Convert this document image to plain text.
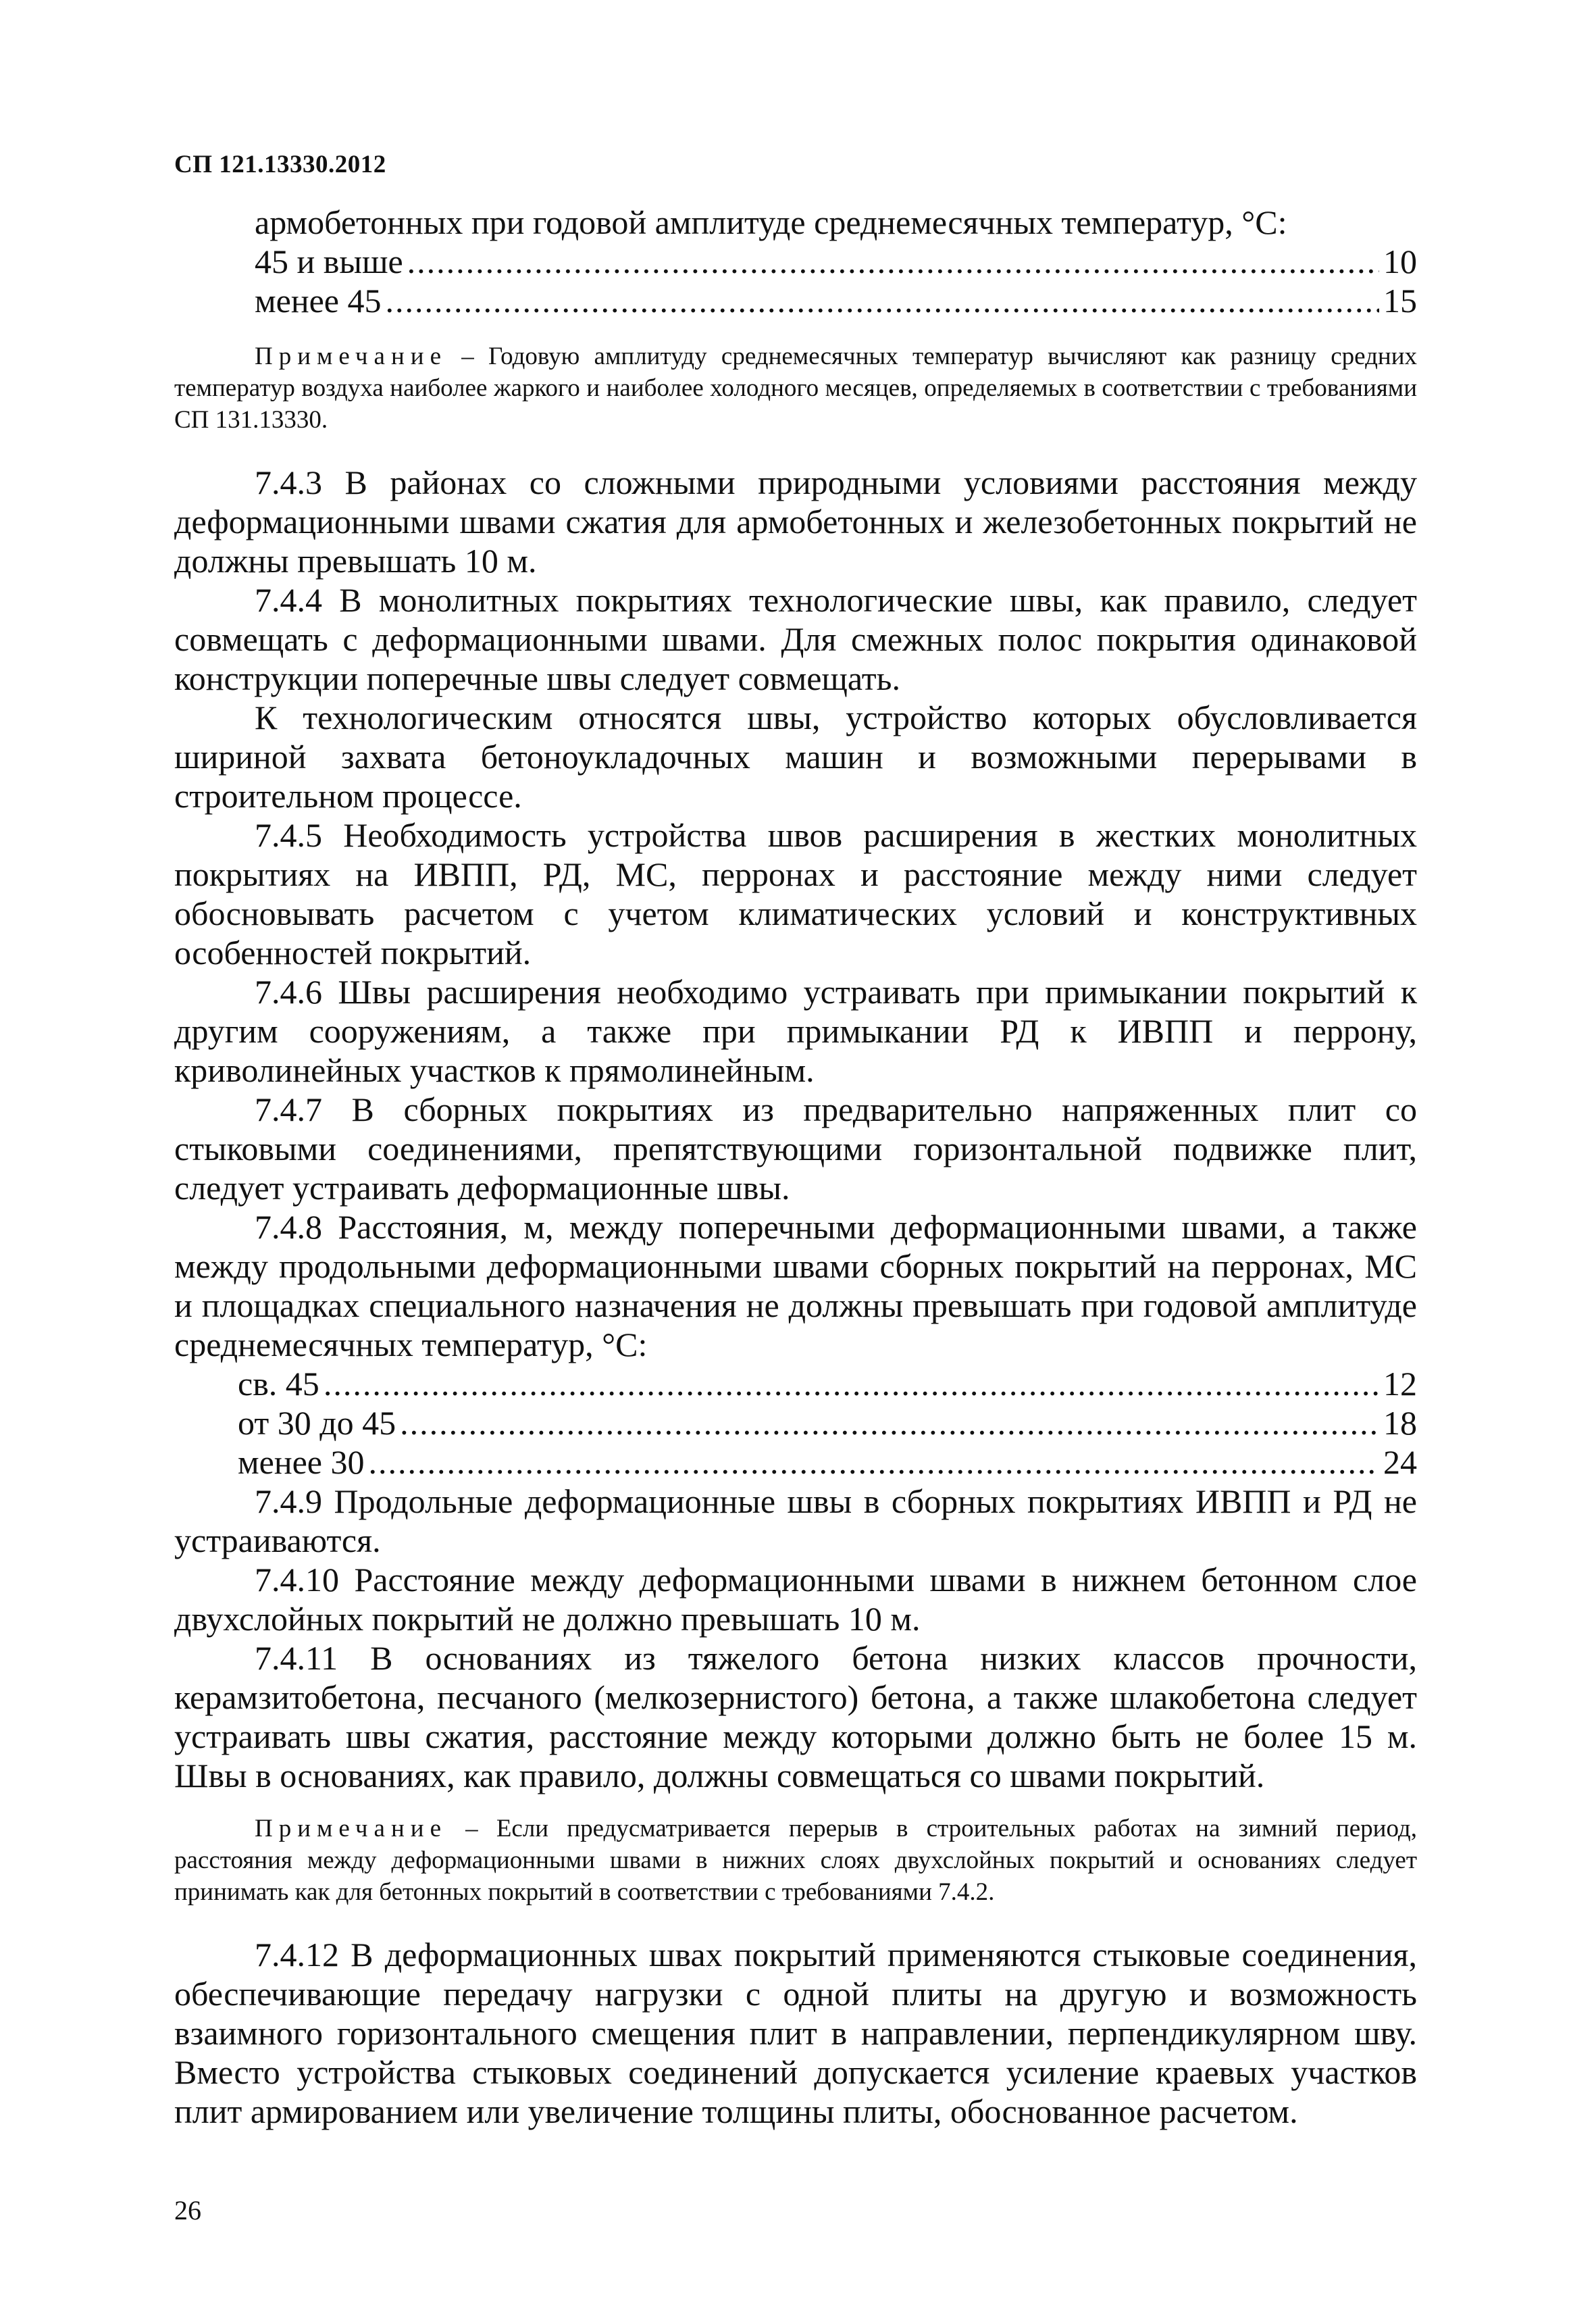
СП 121.13330.2012

армобетонных при годовой амплитуде среднемесячных температур, °C:

45 и выше .....	10
менее 45 .....	15

Примечание – Годовую амплитуду среднемесячных температур вычисляют как разницу средних температур воздуха наиболее жаркого и наиболее холодного месяцев, определяемых в соответствии с требованиями СП 131.13330.

7.4.3 В районах со сложными природными условиями расстояния между деформационными швами сжатия для армобетонных и железобетонных покрытий не должны превышать 10 м.

7.4.4 В монолитных покрытиях технологические швы, как правило, следует совмещать с деформационными швами. Для смежных полос покрытия одинаковой конструкции поперечные швы следует совмещать.

К технологическим относятся швы, устройство которых обусловливается шириной захвата бетоноукладочных машин и возможными перерывами в строительном процессе.

7.4.5 Необходимость устройства швов расширения в жестких монолитных покрытиях на ИВПП, РД, МС, перронах и расстояние между ними следует обосновывать расчетом с учетом климатических условий и конструктивных особенностей покрытий.

7.4.6 Швы расширения необходимо устраивать при примыкании покрытий к другим сооружениям, а также при примыкании РД к ИВПП и перрону, криволинейных участков к прямолинейным.

7.4.7 В сборных покрытиях из предварительно напряженных плит со стыковыми соединениями, препятствующими горизонтальной подвижке плит, следует устраивать деформационные швы.

7.4.8 Расстояния, м, между поперечными деформационными швами, а также между продольными деформационными швами сборных покрытий на перронах, МС и площадках специального назначения не должны превышать при годовой амплитуде среднемесячных температур, °C:

св. 45 .....	12
от 30 до 45 .....	18
менее 30 .....	24

7.4.9 Продольные деформационные швы в сборных покрытиях ИВПП и РД не устраиваются.

7.4.10 Расстояние между деформационными швами в нижнем бетонном слое двухслойных покрытий не должно превышать 10 м.

7.4.11 В основаниях из тяжелого бетона низких классов прочности, керамзитобетона, песчаного (мелкозернистого) бетона, а также шлакобетона следует устраивать швы сжатия, расстояние между которыми должно быть не более 15 м. Швы в основаниях, как правило, должны совмещаться со швами покрытий.

Примечание – Если предусматривается перерыв в строительных работах на зимний период, расстояния между деформационными швами в нижних слоях двухслойных покрытий и основаниях следует принимать как для бетонных покрытий в соответствии с требованиями 7.4.2.

7.4.12 В деформационных швах покрытий применяются стыковые соединения, обеспечивающие передачу нагрузки с одной плиты на другую и возможность взаимного горизонтального смещения плит в направлении, перпендикулярном шву. Вместо устройства стыковых соединений допускается усиление краевых участков плит армированием или увеличение толщины плиты, обоснованное расчетом.

26
